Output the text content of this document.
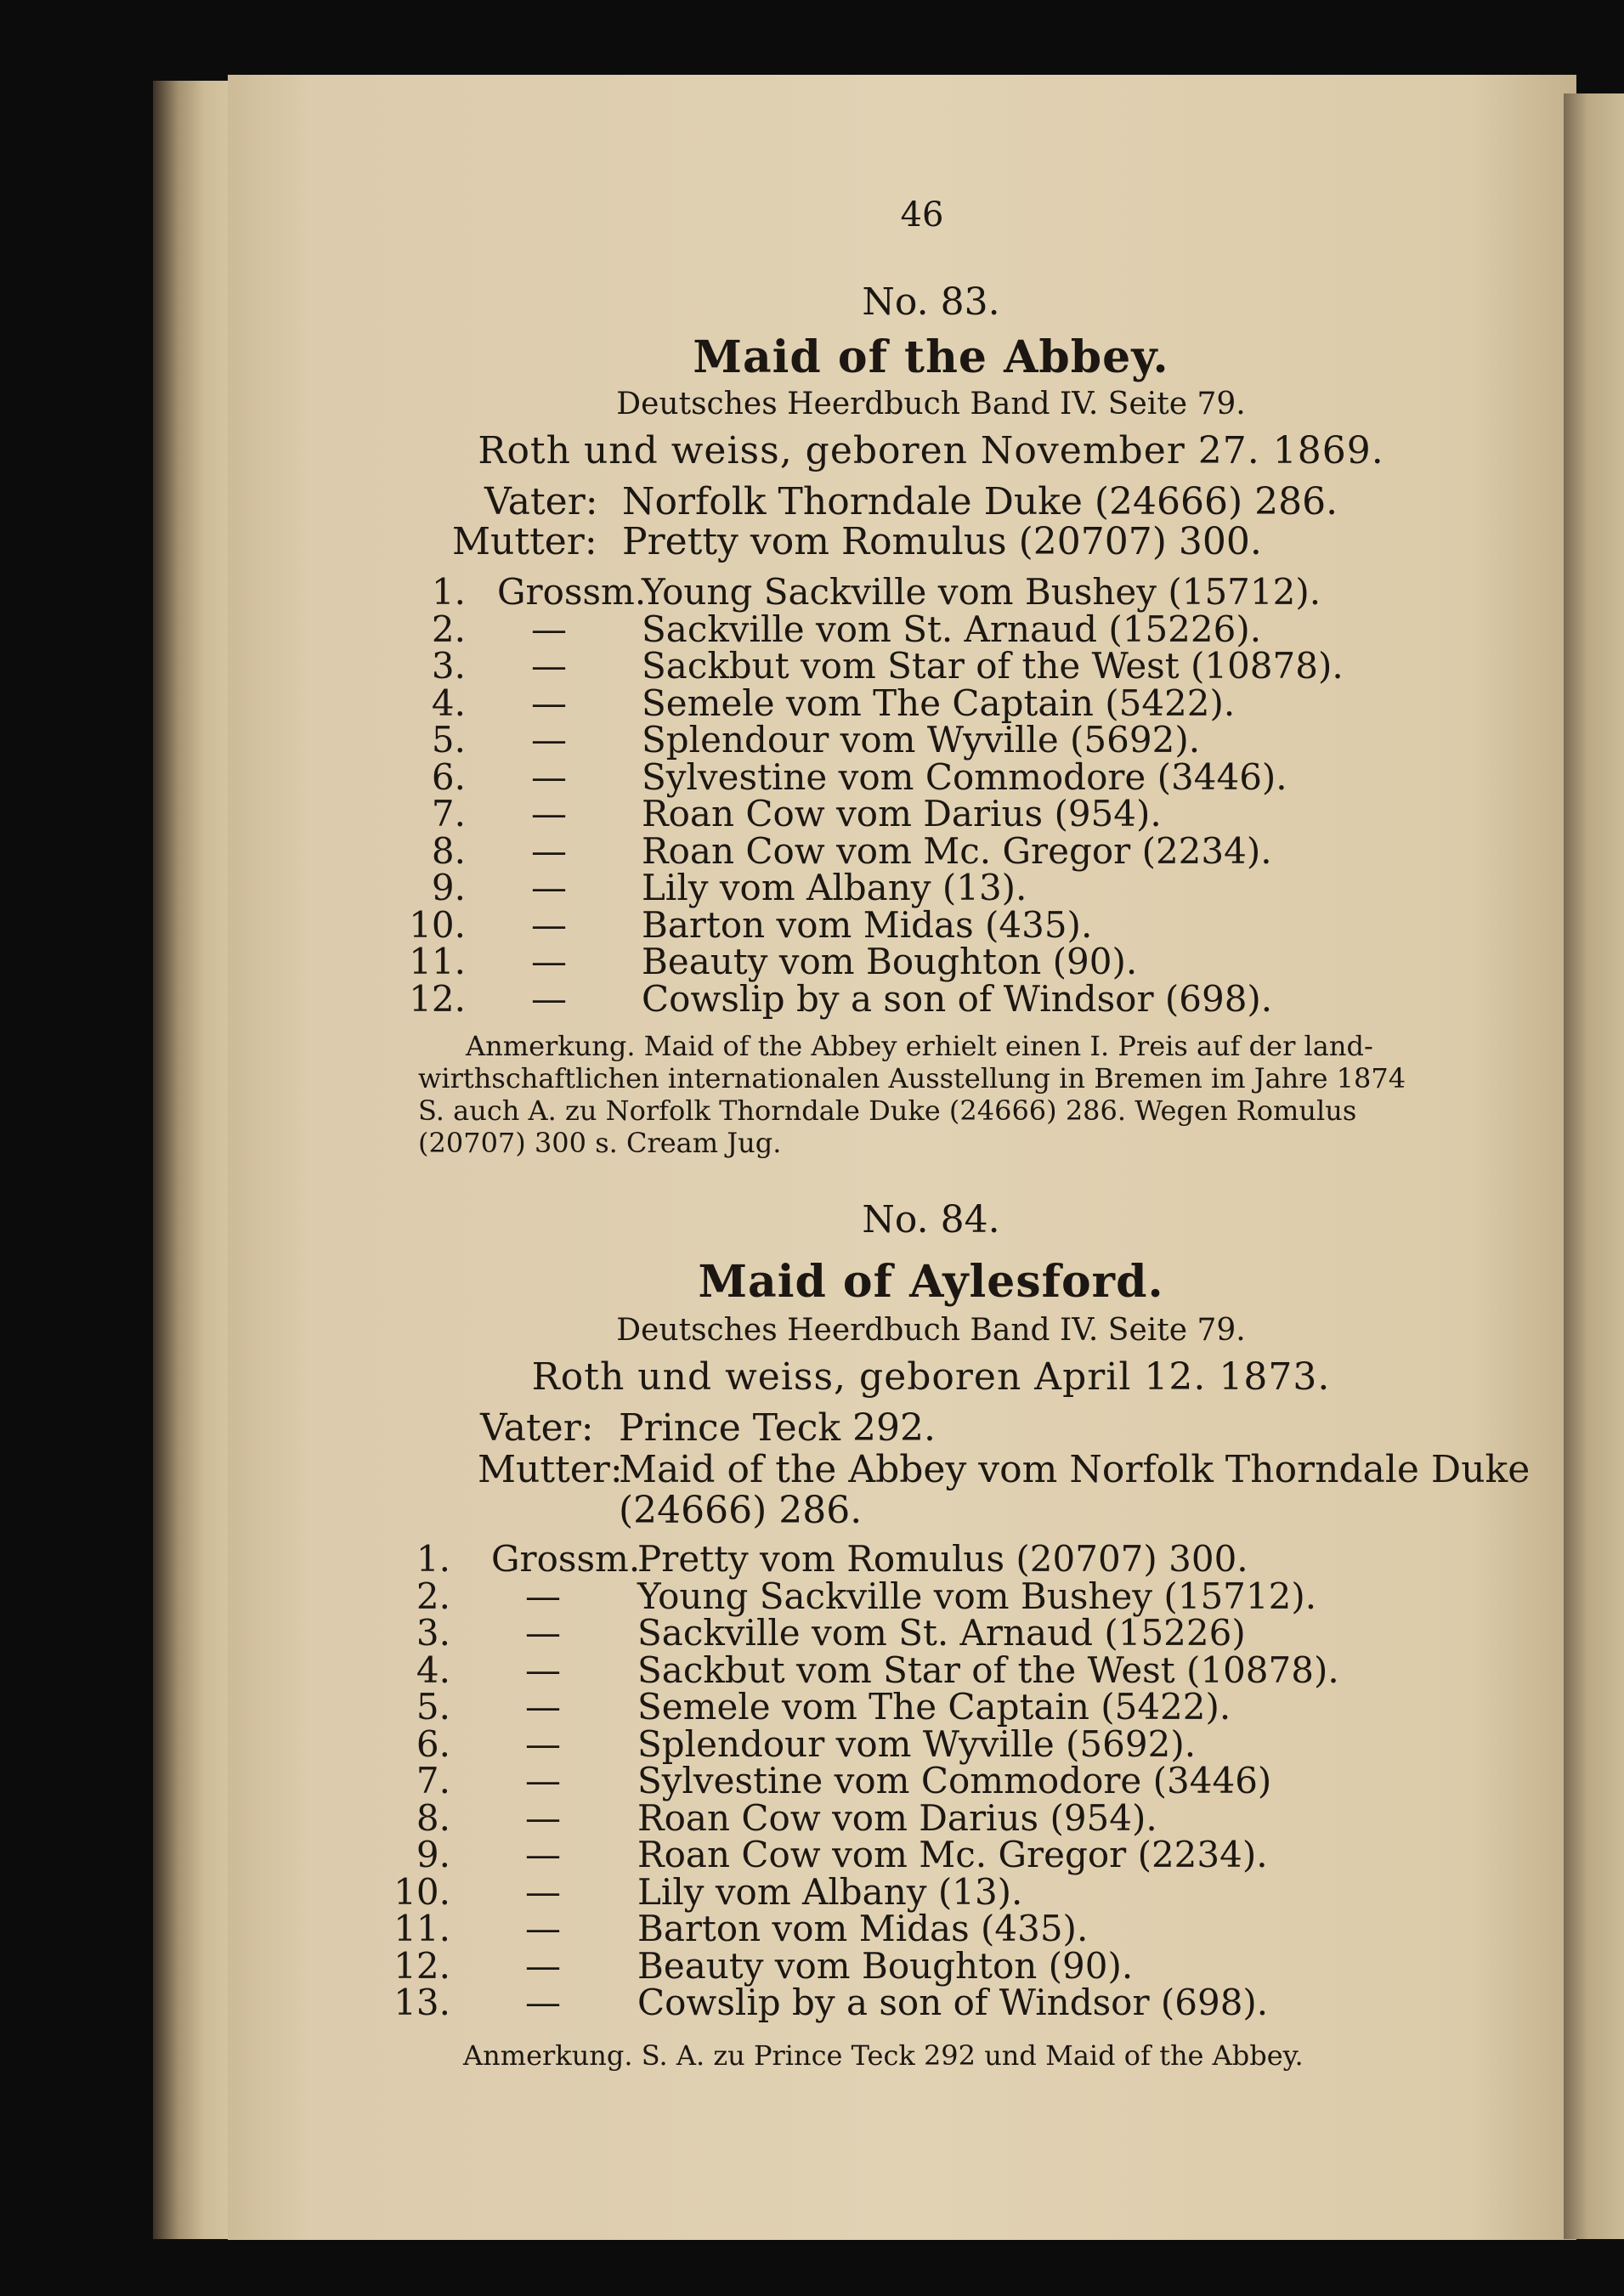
46
No. 83.
Maid of the Abbey.
Deutsches Heerdbuch Band IV. Seite 79.
Roth und weiss, geboren November 27. 1869.
Vater: Norfolk Thorndale Duke (24666) 286.
Mutter: Pretty vom Romulus (20707) 300.
1. Grossm.
Young Sackville vom Bushey (15712).
2. — Sackville vom St. Arnaud (15226).
3. — Sackbut vom Star of the West (10878).
4. — Semele vom The Captain (5422).
5. — Splendour vom Wyville (5692).
6. — Sylvestine vom Commodore (3446).
7. — Roan Cow vom Darius (954).
8. — Roan Cow vom Mc. Gregor (2234).
9. — Lily vom Albany (13).
10. — Barton vom Midas (435).
11. — Beauty vom Boughton (90).
12. — Cowslip by a son of Windsor (698).
Anmerkung. Maid of the Abbey erhielt einen I. Preis auf der land-
wirthschaftlichen internationalen Ausstellung in Bremen im Jahre 1874
S. auch A. zu Norfolk Thorndale Duke (24666) 286. Wegen Romulus
(20707) 300 s. Cream Jug.
No. 84.
Maid of Aylesford.
Deutsches Heerdbuch Band IV. Seite 79.
Roth und weiss, geboren April 12. 1873.
Vater: Prince Teck 292.
Mutter:
Maid of the Abbey vom Norfolk Thorndale Duke
(24666) 286.
1. Grossm.
Pretty vom Romulus (20707) 300.
2. — Young Sackville vom Bushey (15712).
3. — Sackville vom St. Arnaud (15226)
4. — Sackbut vom Star of the West (10878).
5. — Semele vom The Captain (5422).
6. — Splendour vom Wyville (5692).
7. — Sylvestine vom Commodore (3446)
8. — Roan Cow vom Darius (954).
9. — Roan Cow vom Mc. Gregor (2234).
10. — Lily vom Albany (13).
11. — Barton vom Midas (435).
12. — Beauty vom Boughton (90).
13. — Cowslip by a son of Windsor (698).
Anmerkung. S. A. zu Prince Teck 292 und Maid of the Abbey.
